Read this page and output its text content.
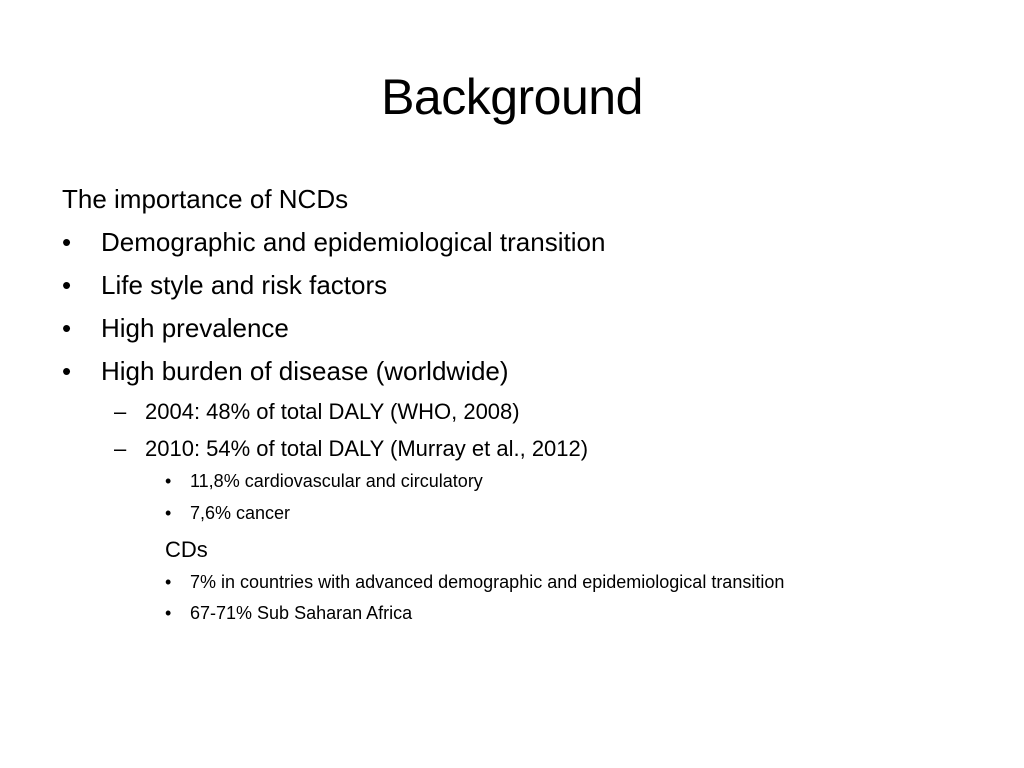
Background
The importance of NCDs
• Demographic and epidemiological transition
• Life style and risk factors
• High prevalence
• High burden of disease (worldwide)
– 2004: 48% of total DALY (WHO, 2008)
– 2010: 54% of total DALY (Murray et al., 2012)
• 11,8% cardiovascular and circulatory
• 7,6% cancer
CDs
• 7% in countries with advanced demographic and epidemiological transition
• 67-71% Sub Saharan Africa
